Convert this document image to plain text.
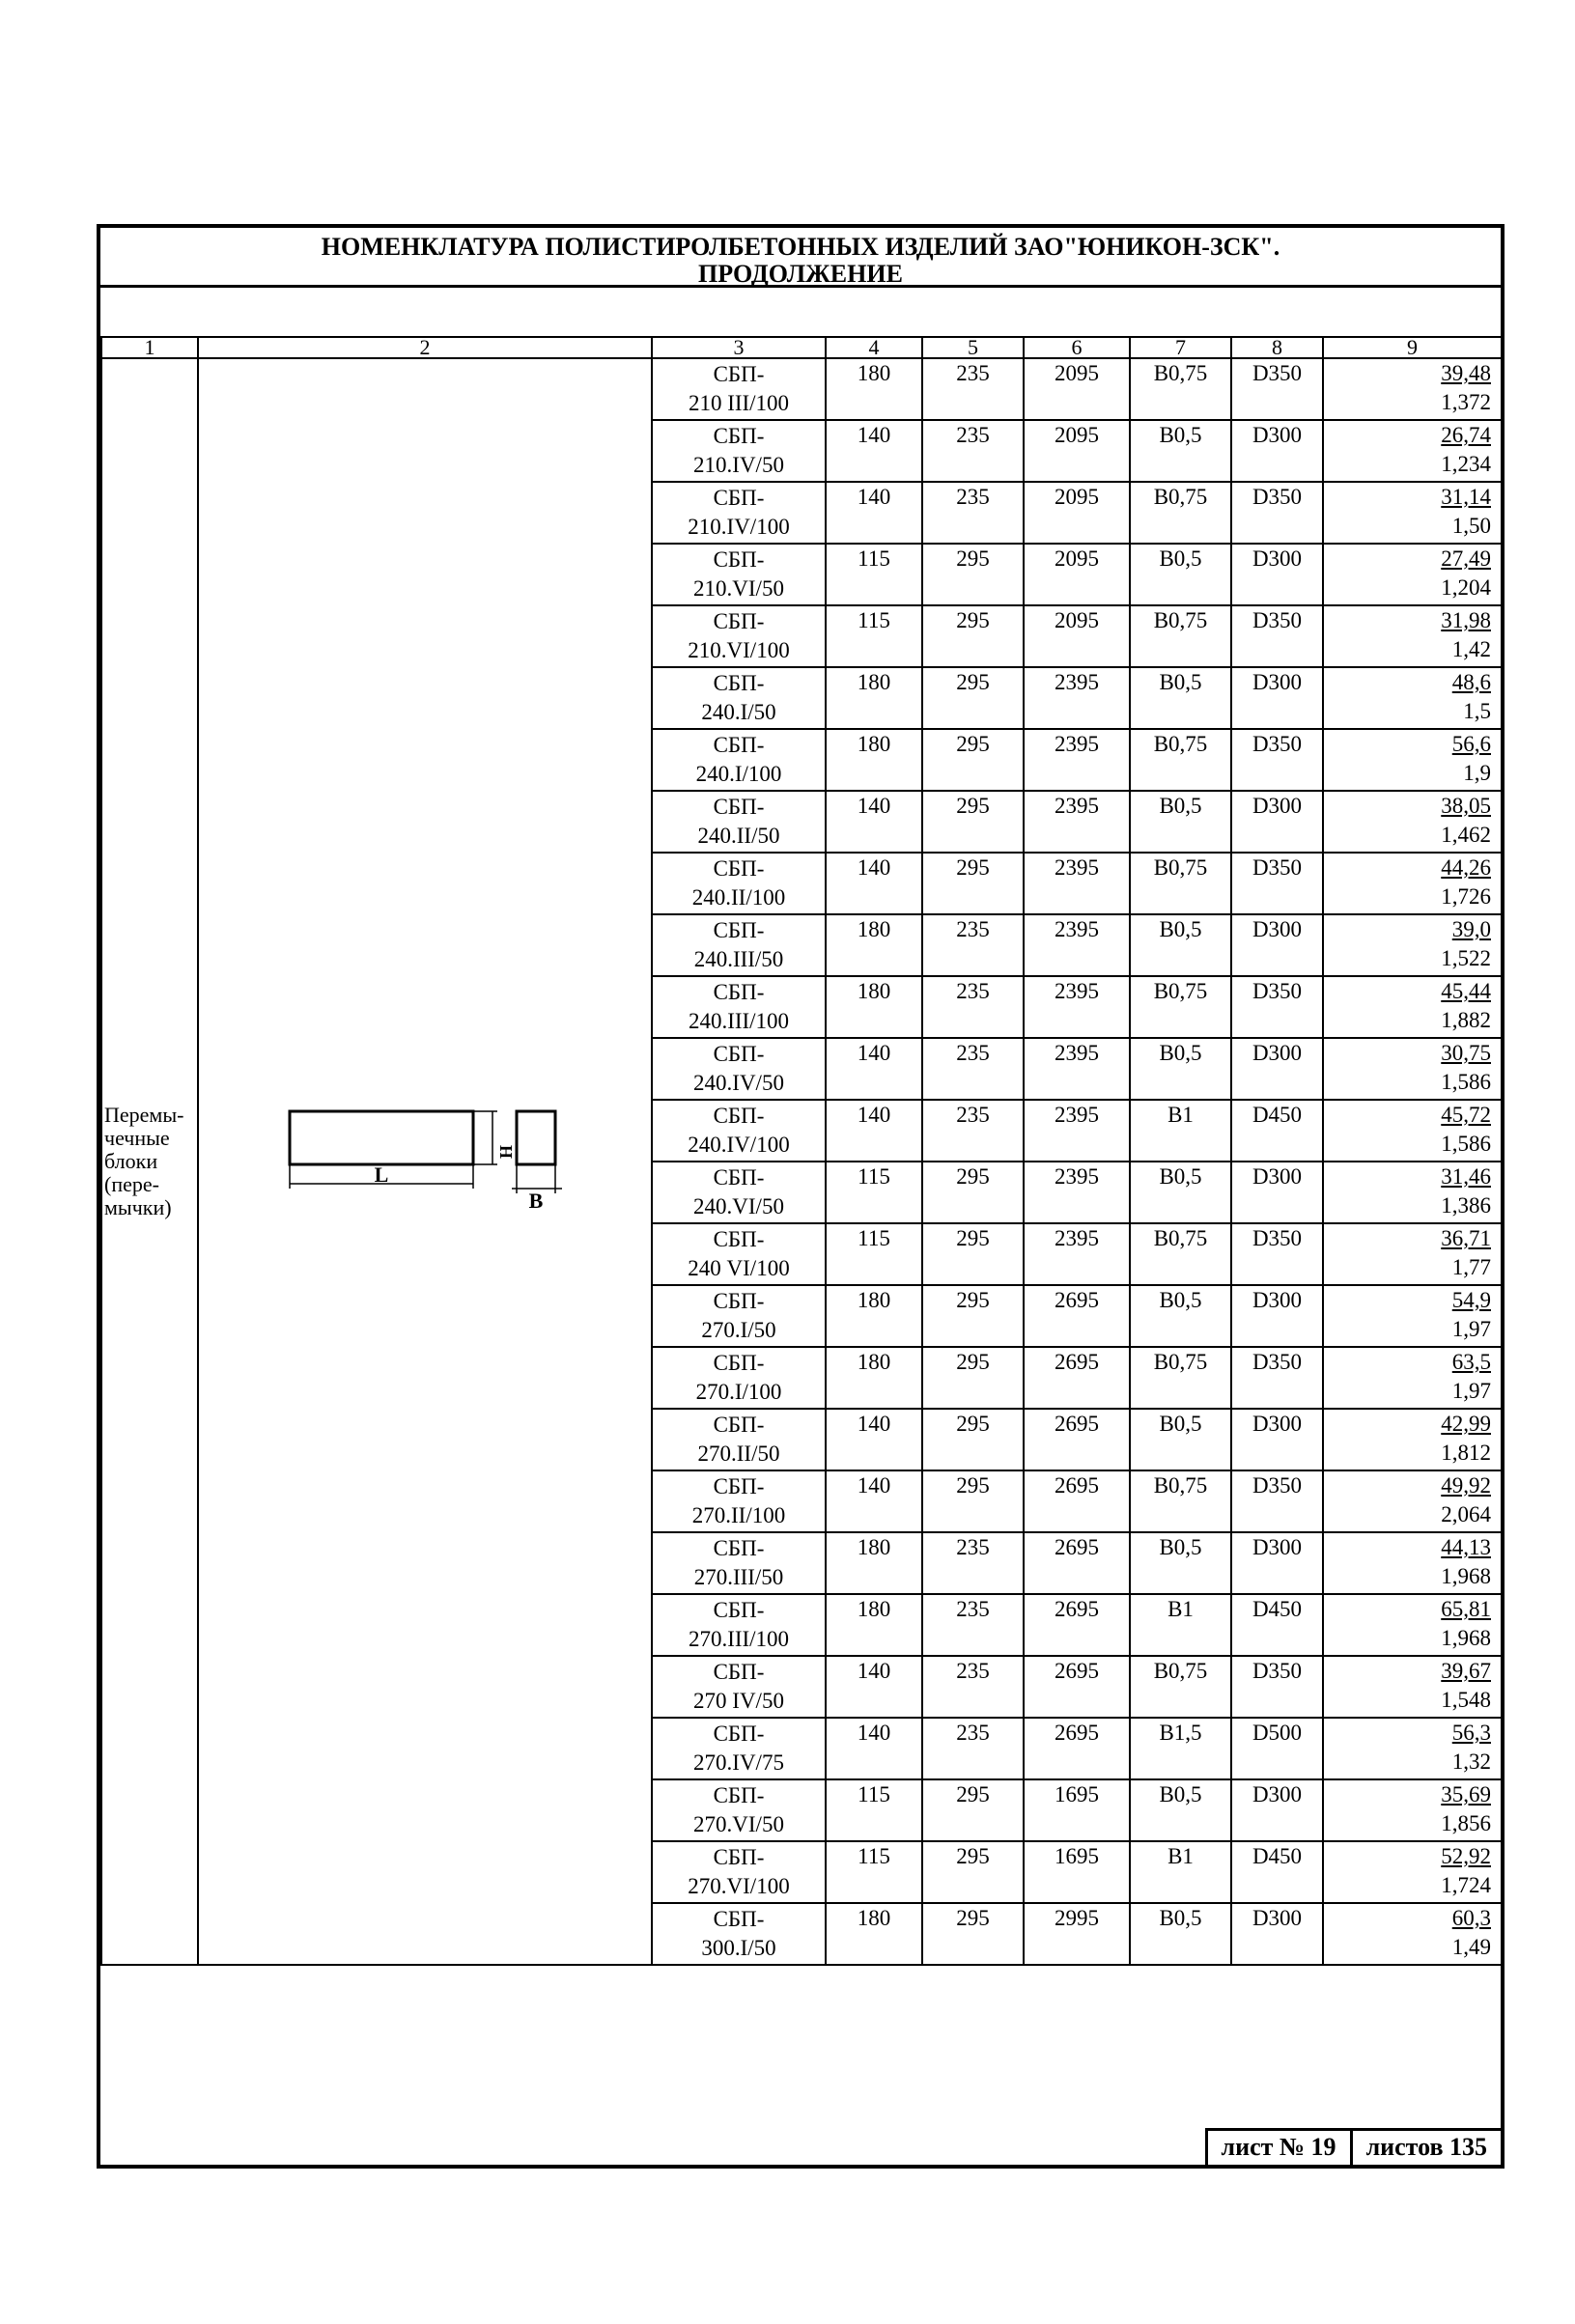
НОМЕНКЛАТУРА ПОЛИСТИРОЛБЕТОННЫХ ИЗДЕЛИЙ ЗАО"ЮНИКОН-ЗСК".
ПРОДОЛЖЕНИЕ
1	2	3	4	5	6	7	8	9
Перемы-
чечные
блоки
(пере-
мычки)	L
H
B	СБП-
210 III/100	180	235	2095	B0,75	D350	39,48
1,372

		СБП-
210.IV/50	140	235	2095	B0,5	D300	26,74
1,234

		СБП-
210.IV/100	140	235	2095	B0,75	D350	31,14
1,50

		СБП-
210.VI/50	115	295	2095	B0,5	D300	27,49
1,204

		СБП-
210.VI/100	115	295	2095	B0,75	D350	31,98
1,42

		СБП-
240.I/50	180	295	2395	B0,5	D300	48,6
1,5

		СБП-
240.I/100	180	295	2395	B0,75	D350	56,6
1,9

		СБП-
240.II/50	140	295	2395	B0,5	D300	38,05
1,462

		СБП-
240.II/100	140	295	2395	B0,75	D350	44,26
1,726

		СБП-
240.III/50	180	235	2395	B0,5	D300	39,0
1,522

		СБП-
240.III/100	180	235	2395	B0,75	D350	45,44
1,882

		СБП-
240.IV/50	140	235	2395	B0,5	D300	30,75
1,586

		СБП-
240.IV/100	140	235	2395	B1	D450	45,72
1,586

		СБП-
240.VI/50	115	295	2395	B0,5	D300	31,46
1,386

		СБП-
240 VI/100	115	295	2395	B0,75	D350	36,71
1,77

		СБП-
270.I/50	180	295	2695	B0,5	D300	54,9
1,97

		СБП-
270.I/100	180	295	2695	B0,75	D350	63,5
1,97

		СБП-
270.II/50	140	295	2695	B0,5	D300	42,99
1,812

		СБП-
270.II/100	140	295	2695	B0,75	D350	49,92
2,064

		СБП-
270.III/50	180	235	2695	B0,5	D300	44,13
1,968

		СБП-
270.III/100	180	235	2695	B1	D450	65,81
1,968

		СБП-
270 IV/50	140	235	2695	B0,75	D350	39,67
1,548

		СБП-
270.IV/75	140	235	2695	B1,5	D500	56,3
1,32

		СБП-
270.VI/50	115	295	1695	B0,5	D300	35,69
1,856

		СБП-
270.VI/100	115	295	1695	B1	D450	52,92
1,724

		СБП-
300.I/50	180	295	2995	B0,5	D300	60,3
1,49
лист № 19	листов 135
